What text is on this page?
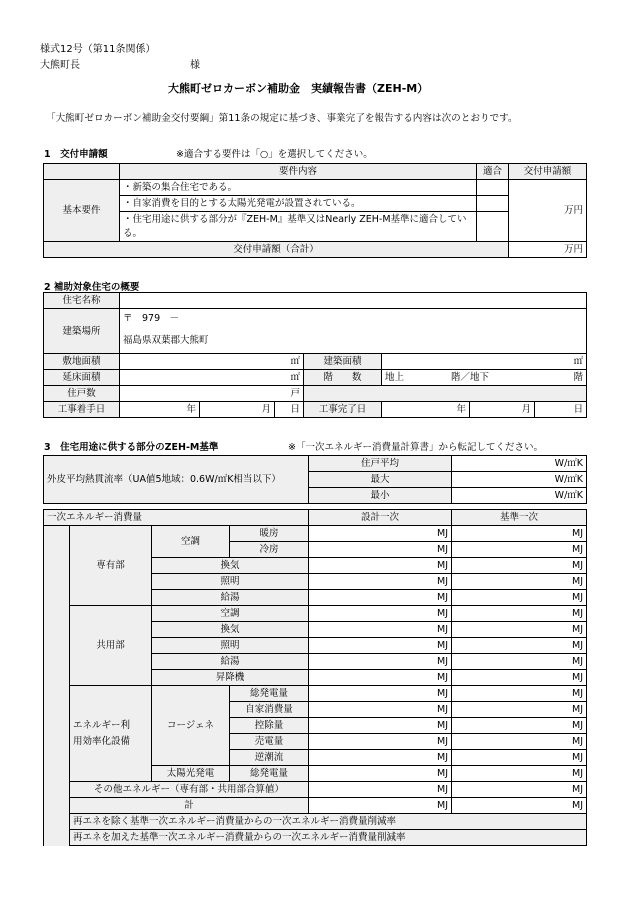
様式12号（第11条関係）
大熊町長	様
大熊町ゼロカーボン補助金　実績報告書（ZEH-M）
「大熊町ゼロカーボン補助金交付要綱」第11条の規定に基づき、事業完了を報告する内容は次のとおりです。
1　交付申請額	※適合する要件は「○」を選択してください。
	要件内容	適合	交付申請額
基本要件	・新築の集合住宅である。		万円
	・自家消費を目的とする太陽光発電が設置されている。		
	・住宅用途に供する部分が『ZEH-M』基準又はNearly ZEH-M基準に適合している。		
交付申請額（合計）			万円
2 補助対象住宅の概要
住宅名称							
建築場所	〒　979　－						
	福島県双葉郡大熊町						
敷地面積	㎡			建築面積	㎡		
延床面積	㎡			階　　数	地上 階／地下 階		

住戸数	戸						
工事着手日	年	月	日	工事完了日	年	月	日
3　住宅用途に供する部分のZEH-M基準	※「一次エネルギー消費量計算書」から転記してください。
外皮平均熱貫流率（UA値5地域：0.6W/㎡K相当以下）	住戸平均	W/㎡K
	最大	W/㎡K
	最小	W/㎡K
一次エネルギー消費量				設計一次	基準一次	
	専有部	空調	暖房	MJ	MJ	
			冷房	MJ	MJ	
		換気		MJ	MJ	
		照明		MJ	MJ	
		給湯		MJ	MJ	
	共用部	空調		MJ	MJ	
		換気		MJ	MJ	
		照明		MJ	MJ	
		給湯		MJ	MJ	
		昇降機		MJ	MJ	

	エネルギー利
用効率化設備	コージェネ	総発電量	MJ	MJ	
			自家消費量	MJ	MJ	
			控除量	MJ	MJ	
			売電量	MJ	MJ	
			逆潮流	MJ	MJ	
		太陽光発電	総発電量	MJ	MJ	
	その他エネルギー（専有部・共用部合算値）			MJ	MJ	
	計			MJ	MJ	
	再エネを除く基準一次エネルギー消費量からの一次エネルギー消費量削減率	
	再エネを加えた基準一次エネルギー消費量からの一次エネルギー消費量削減率	
